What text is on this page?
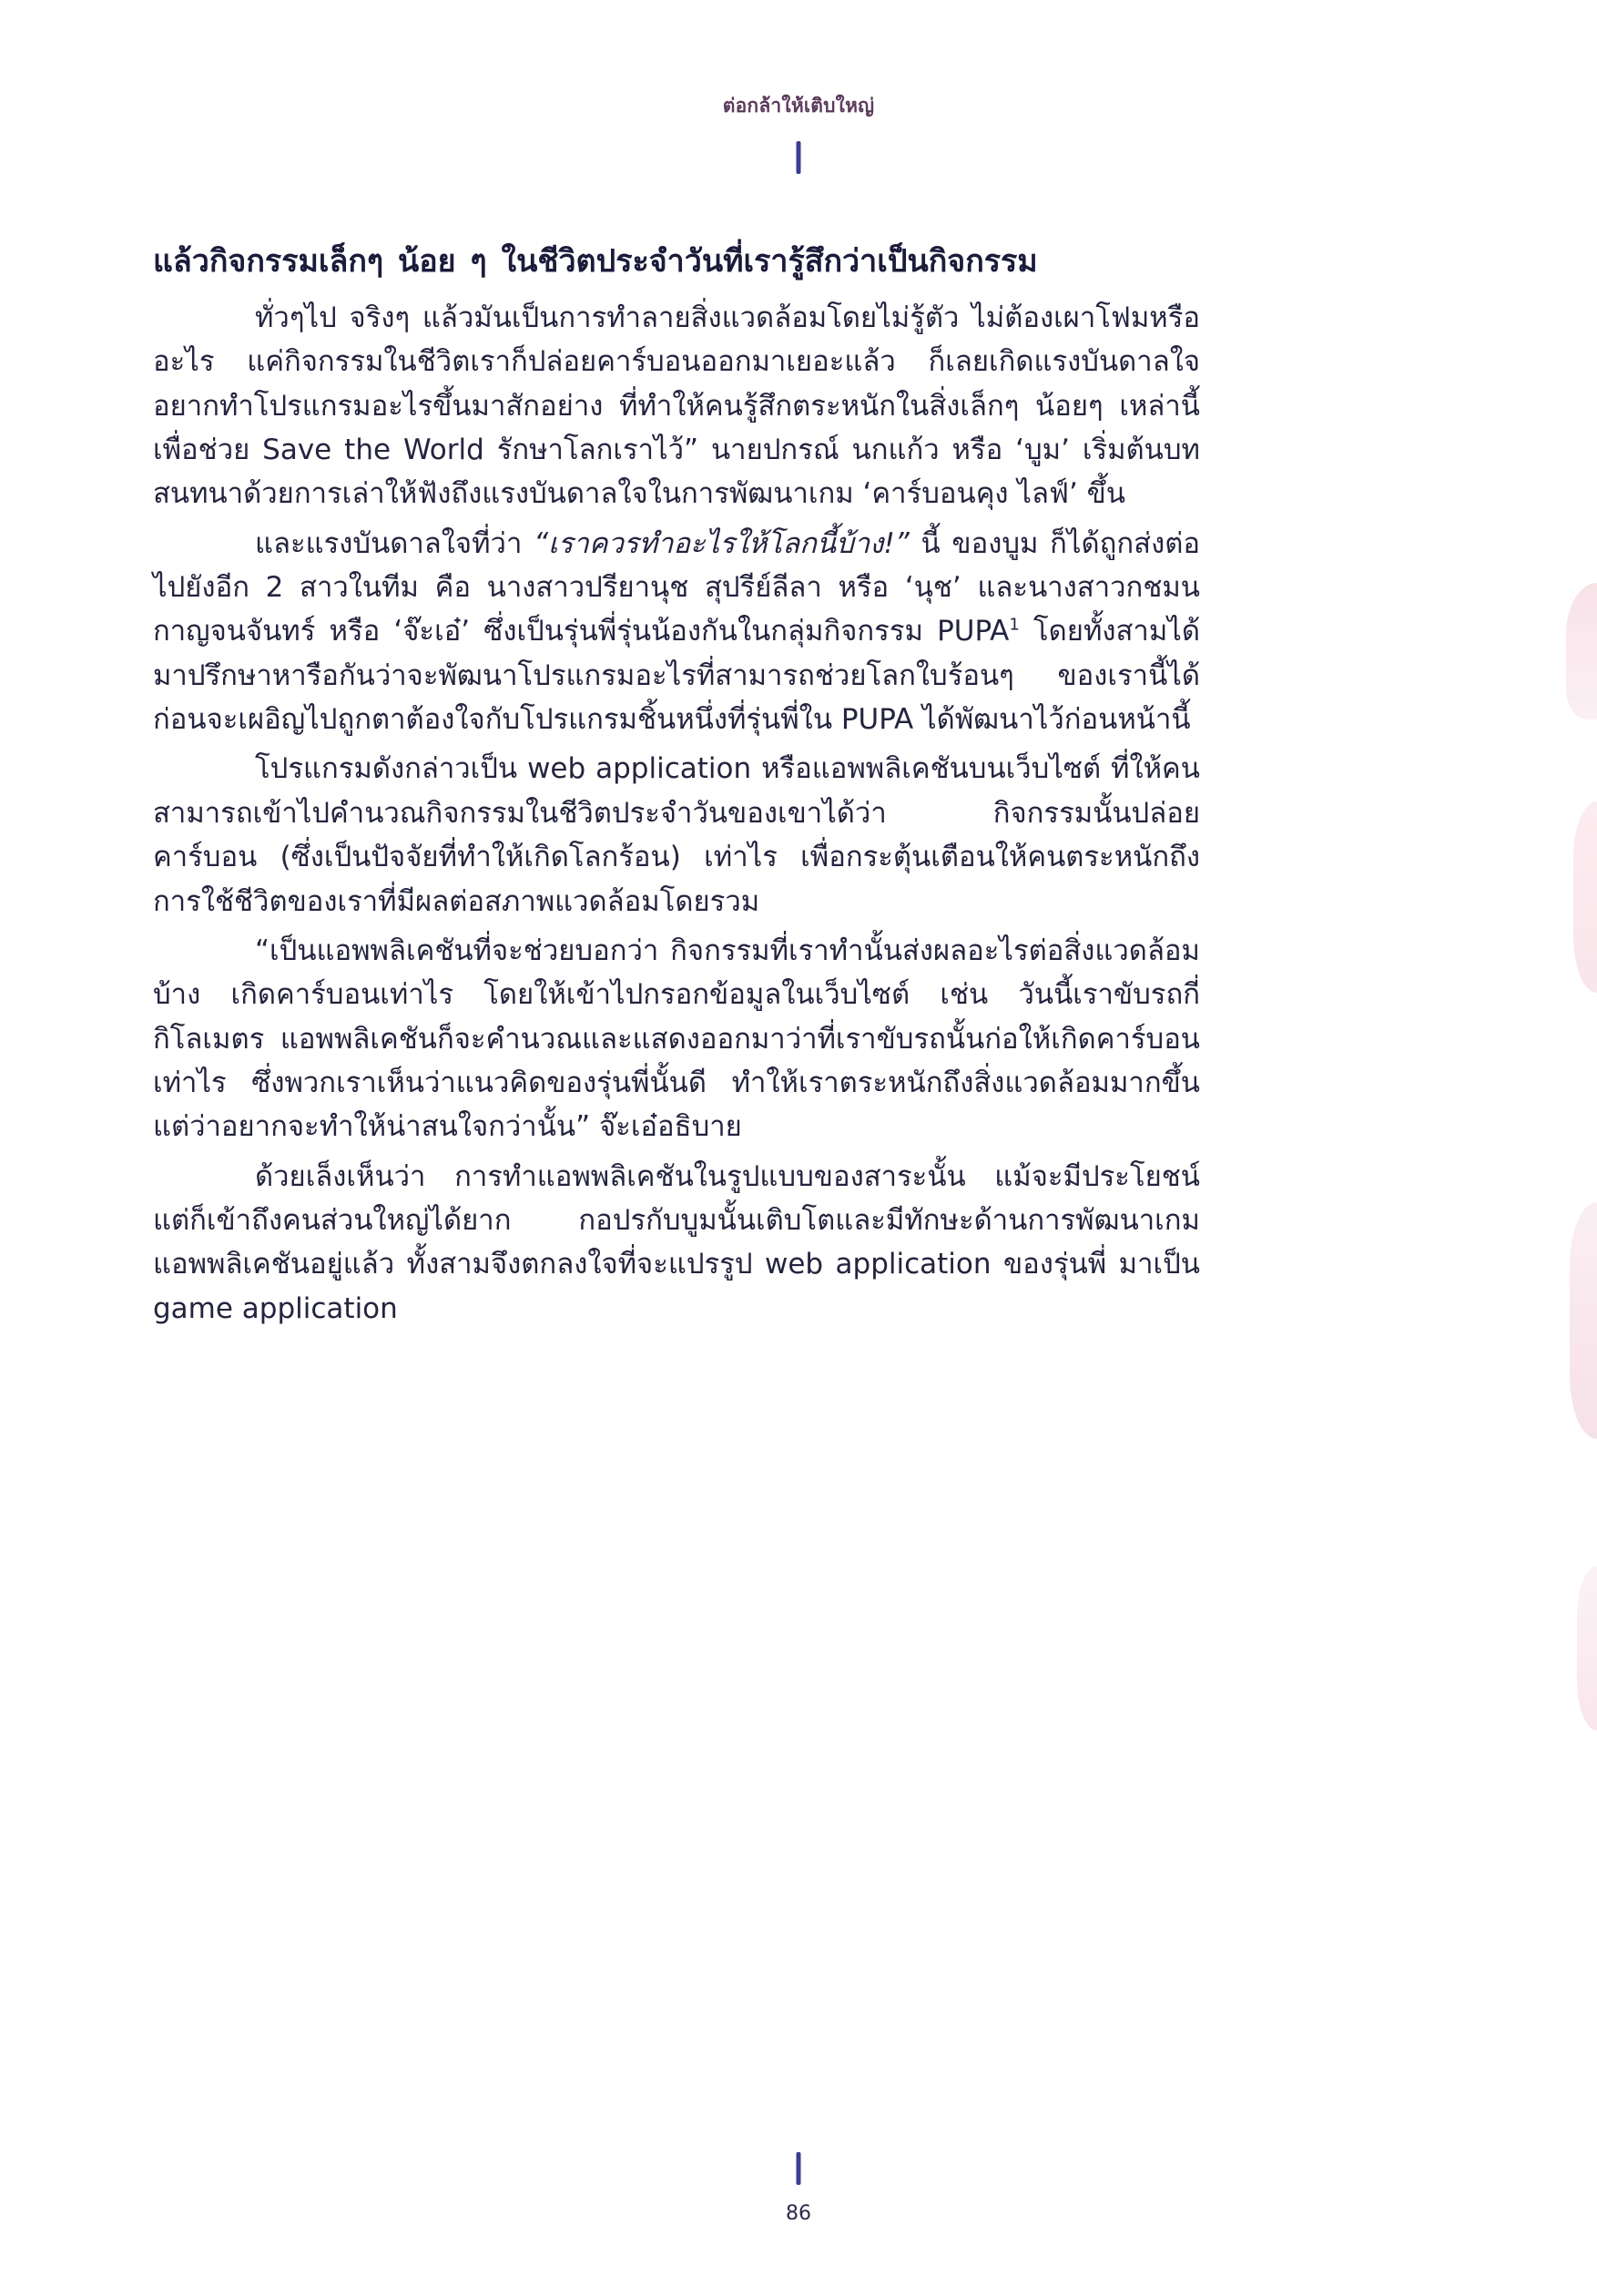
ต่อกล้าให้เติบใหญ่
แล้วกิจกรรมเล็กๆ น้อย ๆ ในชีวิตประจำวันที่เรารู้สึกว่าเป็นกิจกรรม

ทั่วๆไป จริงๆ แล้วมันเป็นการทำลายสิ่งแวดล้อมโดยไม่รู้ตัว ไม่ต้องเผาโฟมหรืออะไร แค่กิจกรรมในชีวิตเราก็ปล่อยคาร์บอนออกมาเยอะแล้ว ก็เลยเกิดแรงบันดาลใจอยากทำโปรแกรมอะไรขึ้นมาสักอย่าง ที่ทำให้คนรู้สึกตระหนักในสิ่งเล็กๆ น้อยๆ เหล่านี้ เพื่อช่วย Save the World รักษาโลกเราไว้” นายปกรณ์ นกแก้ว หรือ ‘บูม’ เริ่มต้นบทสนทนาด้วยการเล่าให้ฟังถึงแรงบันดาลใจในการพัฒนาเกม ‘คาร์บอนคุง ไลฟ์’ ขึ้น

และแรงบันดาลใจที่ว่า “เราควรทำอะไรให้โลกนี้บ้าง!” นี้ ของบูม ก็ได้ถูกส่งต่อไปยังอีก 2 สาวในทีม คือ นางสาวปรียานุช สุปรีย์ลีลา หรือ ‘นุช’ และนางสาวกชมน กาญจนจันทร์ หรือ ‘จ๊ะเอ๋’ ซึ่งเป็นรุ่นพี่รุ่นน้องกันในกลุ่มกิจกรรม PUPA$^1$ โดยทั้งสามได้มาปรึกษาหารือกันว่าจะพัฒนาโปรแกรมอะไรที่สามารถช่วยโลกใบร้อนๆ ของเรานี้ได้ ก่อนจะเผอิญไปถูกตาต้องใจกับโปรแกรมชิ้นหนึ่งที่รุ่นพี่ใน PUPA ได้พัฒนาไว้ก่อนหน้านี้

โปรแกรมดังกล่าวเป็น web application หรือแอพพลิเคชันบนเว็บไซต์ ที่ให้คนสามารถเข้าไปคำนวณกิจกรรมในชีวิตประจำวันของเขาได้ว่า กิจกรรมนั้นปล่อยคาร์บอน (ซึ่งเป็นปัจจัยที่ทำให้เกิดโลกร้อน) เท่าไร เพื่อกระตุ้นเตือนให้คนตระหนักถึงการใช้ชีวิตของเราที่มีผลต่อสภาพแวดล้อมโดยรวม

“เป็นแอพพลิเคชันที่จะช่วยบอกว่า กิจกรรมที่เราทำนั้นส่งผลอะไรต่อสิ่งแวดล้อมบ้าง เกิดคาร์บอนเท่าไร โดยให้เข้าไปกรอกข้อมูลในเว็บไซต์ เช่น วันนี้เราขับรถกี่กิโลเมตร แอพพลิเคชันก็จะคำนวณและแสดงออกมาว่าที่เราขับรถนั้นก่อให้เกิดคาร์บอนเท่าไร ซึ่งพวกเราเห็นว่าแนวคิดของรุ่นพี่นั้นดี ทำให้เราตระหนักถึงสิ่งแวดล้อมมากขึ้น แต่ว่าอยากจะทำให้น่าสนใจกว่านั้น” จ๊ะเอ๋อธิบาย

ด้วยเล็งเห็นว่า การทำแอพพลิเคชันในรูปแบบของสาระนั้น แม้จะมีประโยชน์ แต่ก็เข้าถึงคนส่วนใหญ่ได้ยาก กอปรกับบูมนั้นเติบโตและมีทักษะด้านการพัฒนาเกมแอพพลิเคชันอยู่แล้ว ทั้งสามจึงตกลงใจที่จะแปรรูป web application ของรุ่นพี่ มาเป็น game application

86
